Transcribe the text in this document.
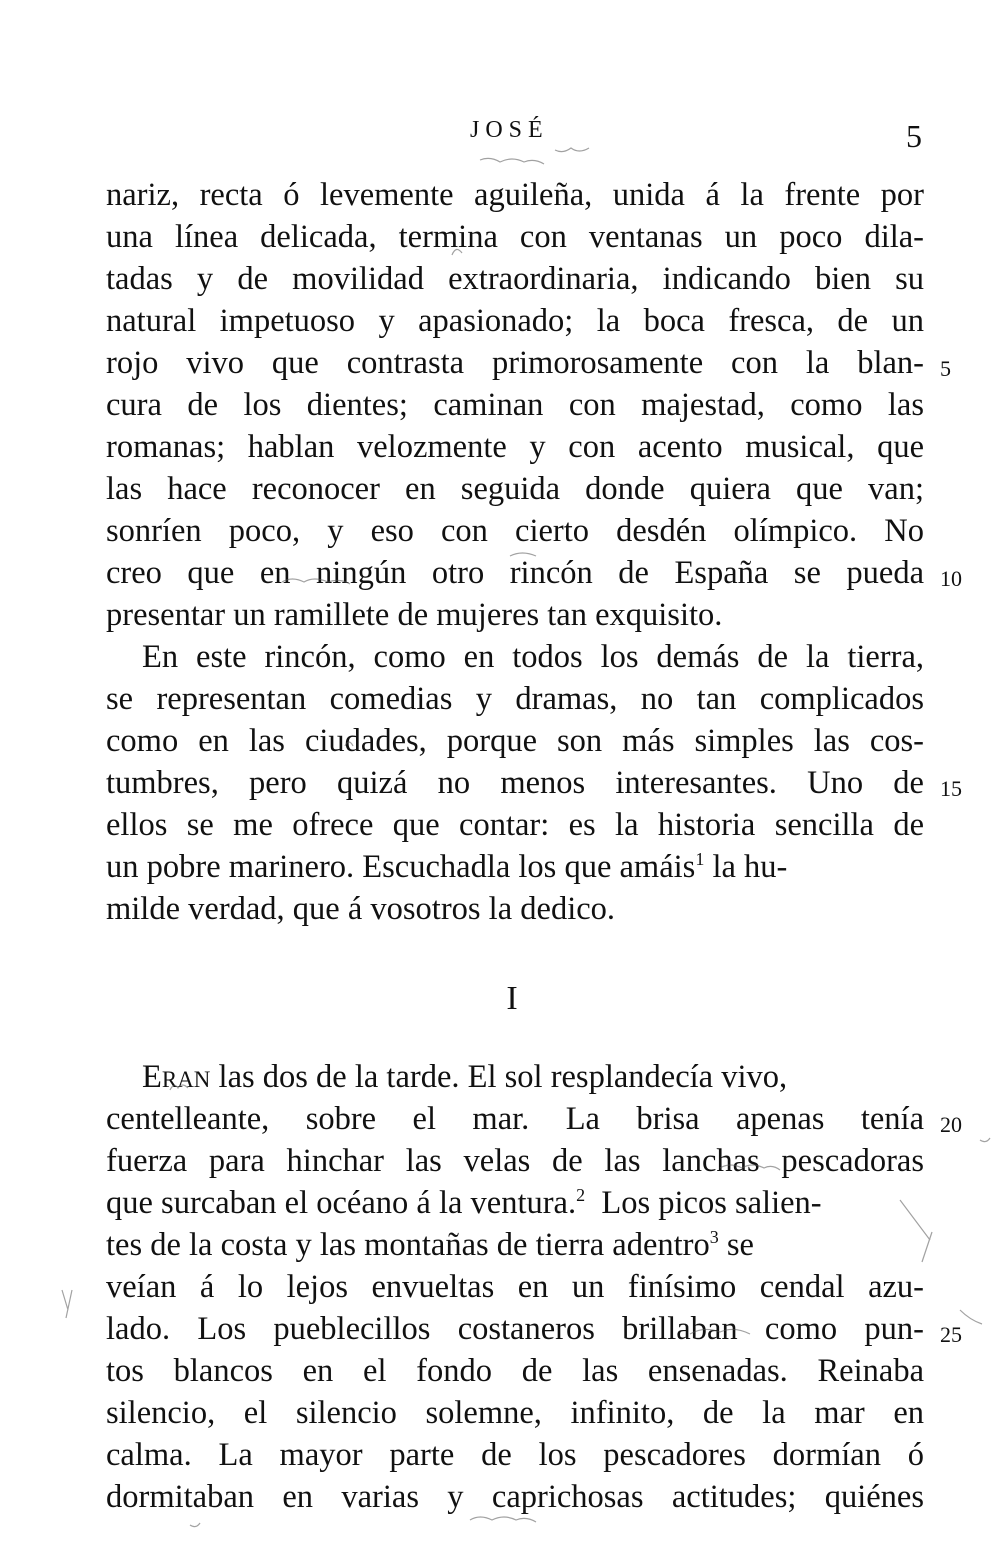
JOSÉ	5
nariz, recta ó levemente aguileña, unida á la frente por
una línea delicada, termina con ventanas un poco dila-
tadas y de movilidad extraordinaria, indicando bien su
natural impetuoso y apasionado; la boca fresca, de un
rojo vivo que contrasta primorosamente con la blan-
cura de los dientes; caminan con majestad, como las
romanas; hablan velozmente y con acento musical, que
las hace reconocer en seguida donde quiera que van;
sonríen poco, y eso con cierto desdén olímpico. No
creo que en ningún otro rincón de España se pueda
presentar un ramillete de mujeres tan exquisito.
En este rincón, como en todos los demás de la tierra,
se representan comedias y dramas, no tan complicados
como en las ciudades, porque son más simples las cos-
tumbres, pero quizá no menos interesantes. Uno de
ellos se me ofrece que contar: es la historia sencilla de
un pobre marinero. Escuchadla los que amáis$^1$ la hu-
milde verdad, que á vosotros la dedico.
I
Eran las dos de la tarde. El sol resplandecía vivo,
centelleante, sobre el mar. La brisa apenas tenía
fuerza para hinchar las velas de las lanchas pescadoras
que surcaban el océano á la ventura.$^2$ Los picos salien-
tes de la costa y las montañas de tierra adentro$^3$ se
veían á lo lejos envueltas en un finísimo cendal azu-
lado. Los pueblecillos costaneros brillaban como pun-
tos blancos en el fondo de las ensenadas. Reinaba
silencio, el silencio solemne, infinito, de la mar en
calma. La mayor parte de los pescadores dormían ó
dormitaban en varias y caprichosas actitudes; quiénes
5
10
15
20
25
